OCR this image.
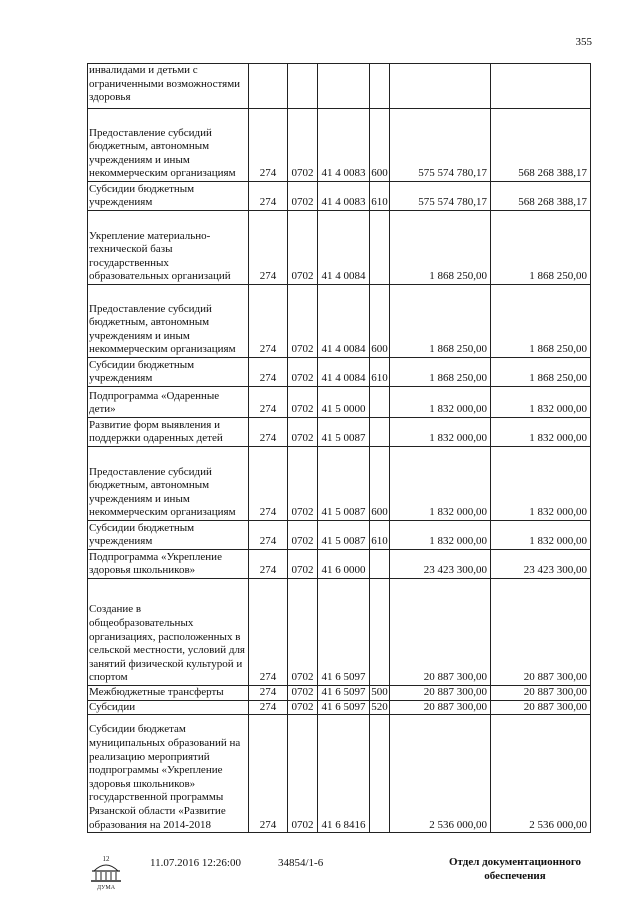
355
инвалидами и детьми с ограниченными возможностями здоровья						
Предоставление субсидий бюджетным, автономным учреждениям и иным некоммерческим организациям	274	0702	41 4 0083	600	575 574 780,17	568 268 388,17
Субсидии бюджетным учреждениям	274	0702	41 4 0083	610	575 574 780,17	568 268 388,17
Укрепление материально-технической базы государственных образовательных организаций	274	0702	41 4 0084		1 868 250,00	1 868 250,00
Предоставление субсидий бюджетным, автономным учреждениям и иным некоммерческим организациям	274	0702	41 4 0084	600	1 868 250,00	1 868 250,00
Субсидии бюджетным учреждениям	274	0702	41 4 0084	610	1 868 250,00	1 868 250,00
Подпрограмма «Одаренные дети»	274	0702	41 5 0000		1 832 000,00	1 832 000,00
Развитие форм выявления и поддержки одаренных детей	274	0702	41 5 0087		1 832 000,00	1 832 000,00
Предоставление субсидий бюджетным, автономным учреждениям и иным некоммерческим организациям	274	0702	41 5 0087	600	1 832 000,00	1 832 000,00
Субсидии бюджетным учреждениям	274	0702	41 5 0087	610	1 832 000,00	1 832 000,00
Подпрограмма «Укрепление здоровья школьников»	274	0702	41 6 0000		23 423 300,00	23 423 300,00
Создание в общеобразовательных организациях, расположенных в сельской местности, условий для занятий физической культурой и спортом	274	0702	41 6 5097		20 887 300,00	20 887 300,00
Межбюджетные трансферты	274	0702	41 6 5097	500	20 887 300,00	20 887 300,00
Субсидии	274	0702	41 6 5097	520	20 887 300,00	20 887 300,00
Субсидии бюджетам муниципальных образований на реализацию мероприятий подпрограммы «Укрепление здоровья школьников» государственной программы Рязанской области «Развитие образования на 2014-2018	274	0702	41 6 8416		2 536 000,00	2 536 000,00
12
ДУМА
11.07.2016 12:26:00	34854/1-6	Отдел документационного обеспечения
